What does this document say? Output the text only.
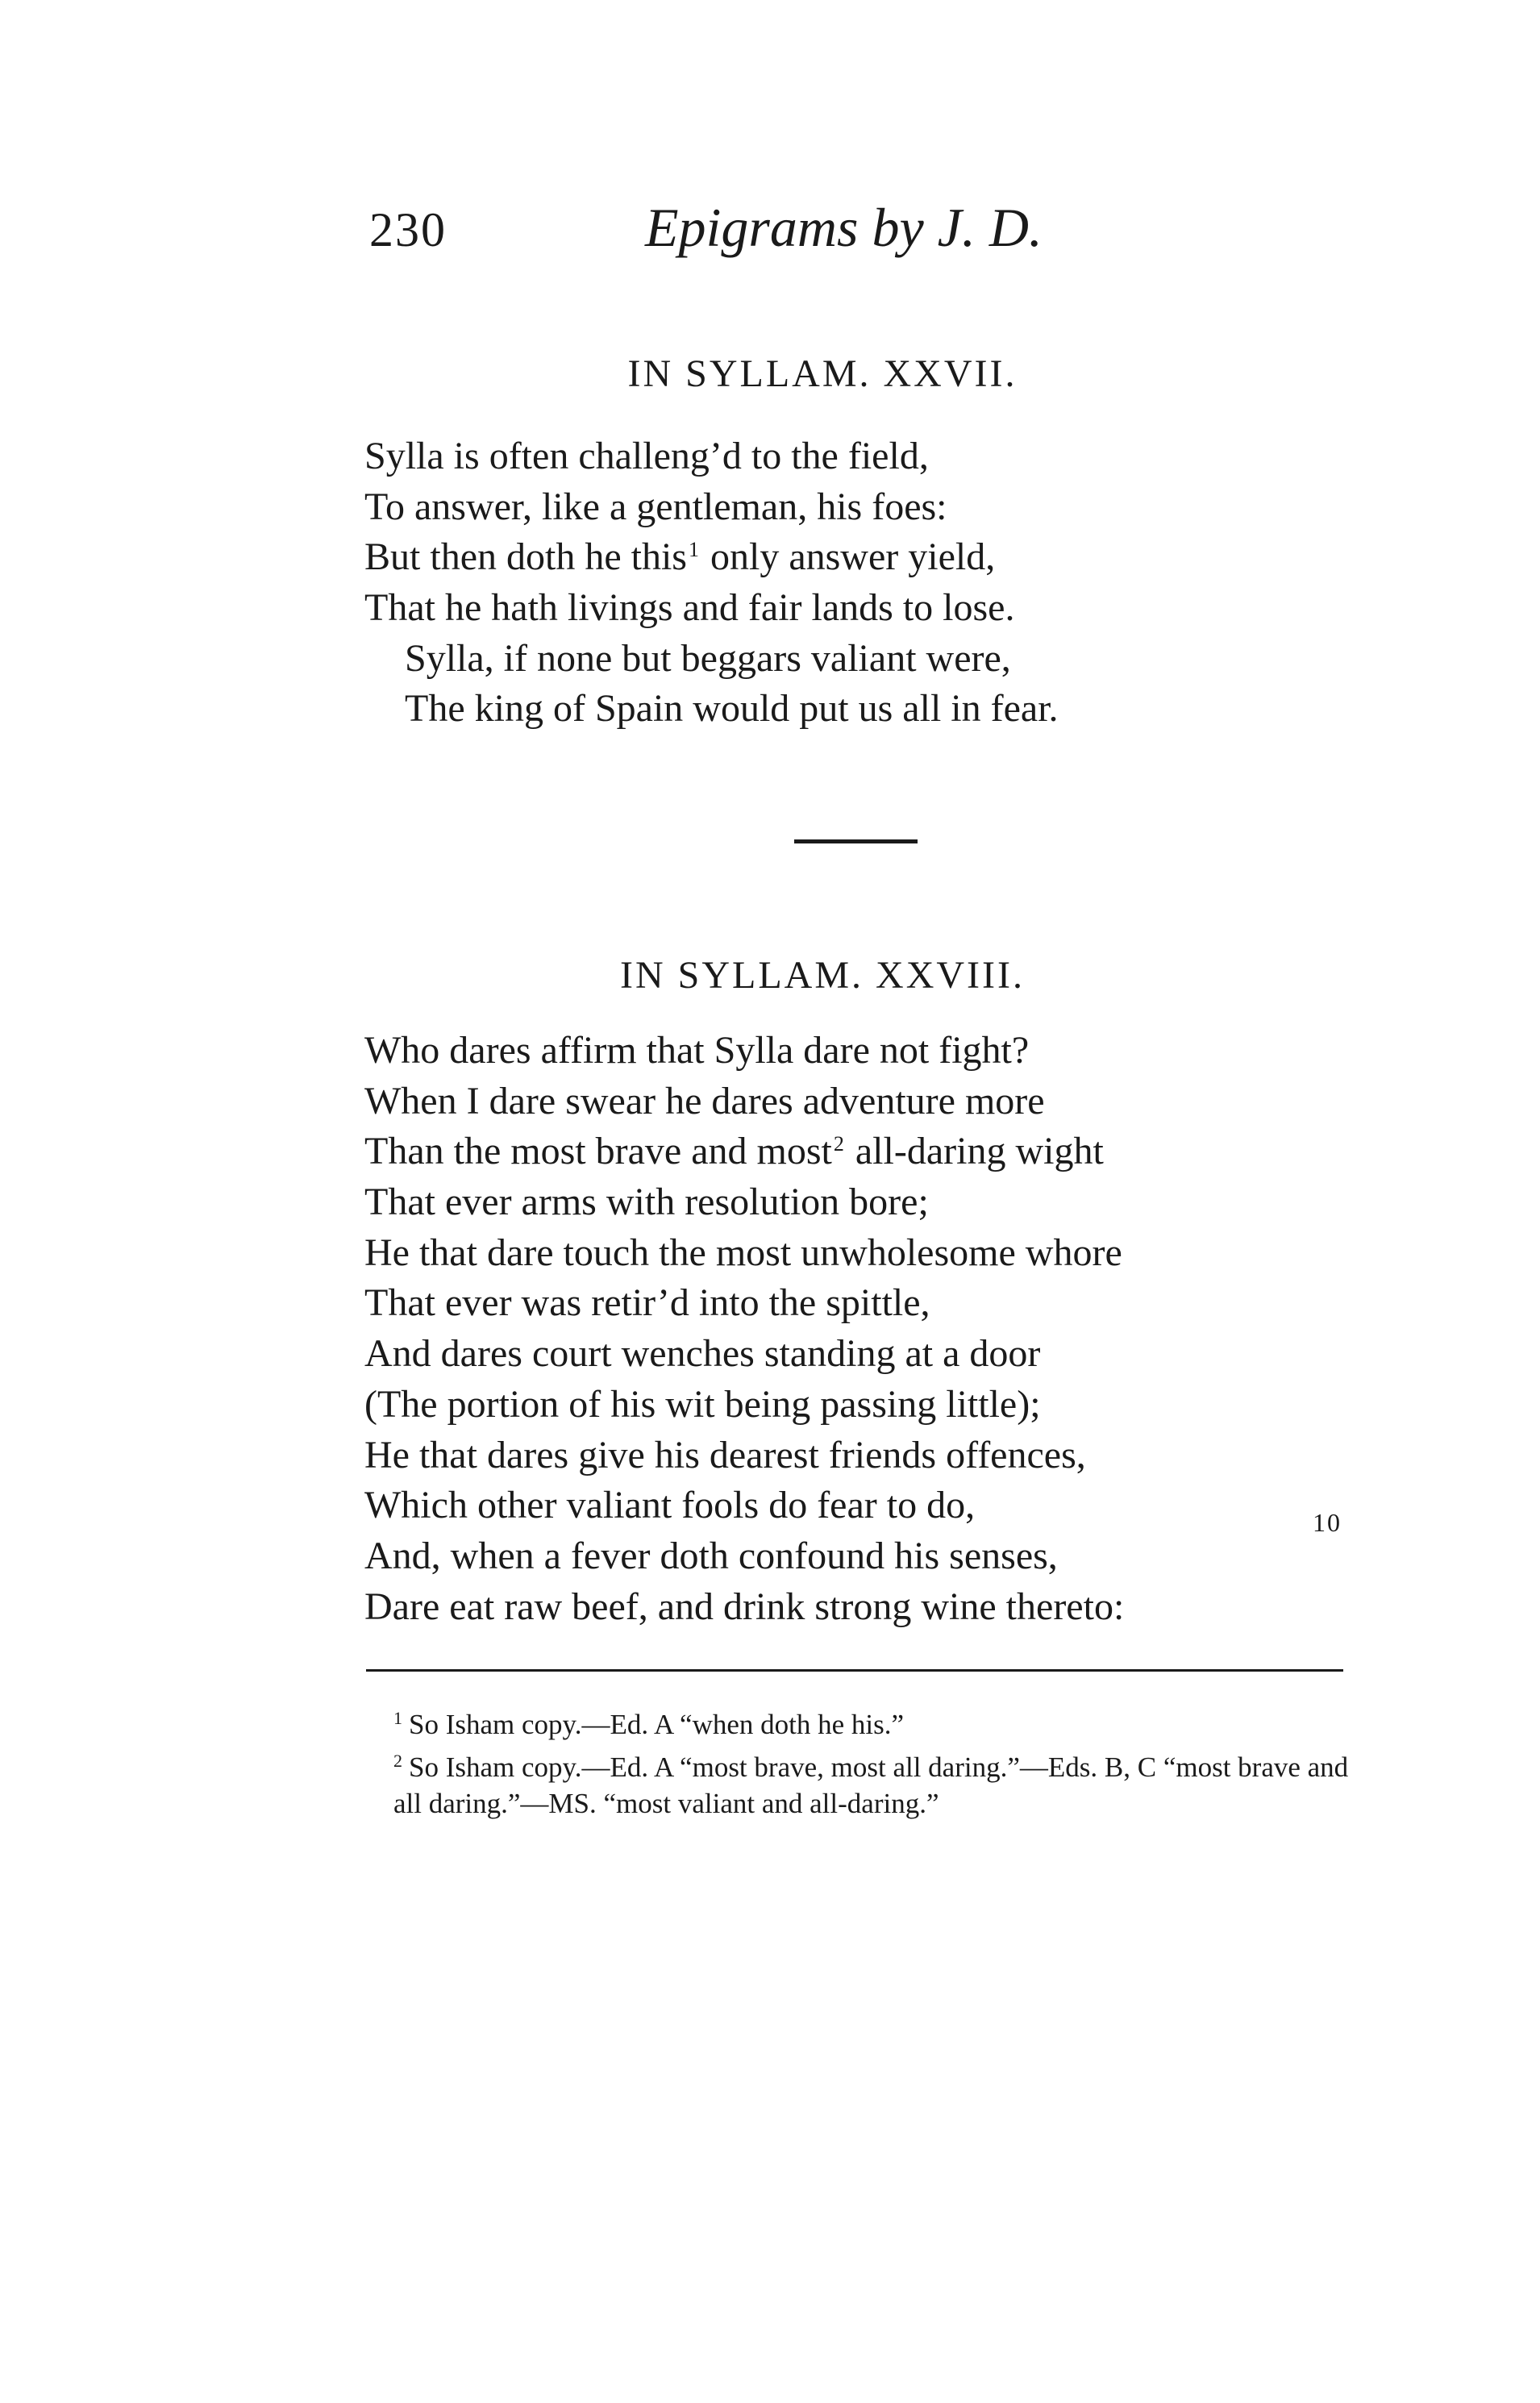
230	Epigrams by J. D.
IN SYLLAM. XXVII.
Sylla is often challeng’d to the field,
To answer, like a gentleman, his foes:
But then doth he this$^1$ only answer yield,
That he hath livings and fair lands to lose.
Sylla, if none but beggars valiant were,
The king of Spain would put us all in fear.
IN SYLLAM. XXVIII.
Who dares affirm that Sylla dare not fight?
When I dare swear he dares adventure more
Than the most brave and most$^2$ all-daring wight
That ever arms with resolution bore;
He that dare touch the most unwholesome whore
That ever was retir’d into the spittle,
And dares court wenches standing at a door
(The portion of his wit being passing little);
He that dares give his dearest friends offences,
Which other valiant fools do fear to do,
And, when a fever doth confound his senses,
Dare eat raw beef, and drink strong wine thereto:
10

$^1$ So Isham copy.—Ed. A “when doth he his.”

$^2$ So Isham copy.—Ed. A “most brave, most all daring.”—Eds. B, C “most brave and all daring.”—MS. “most valiant and all-daring.”
